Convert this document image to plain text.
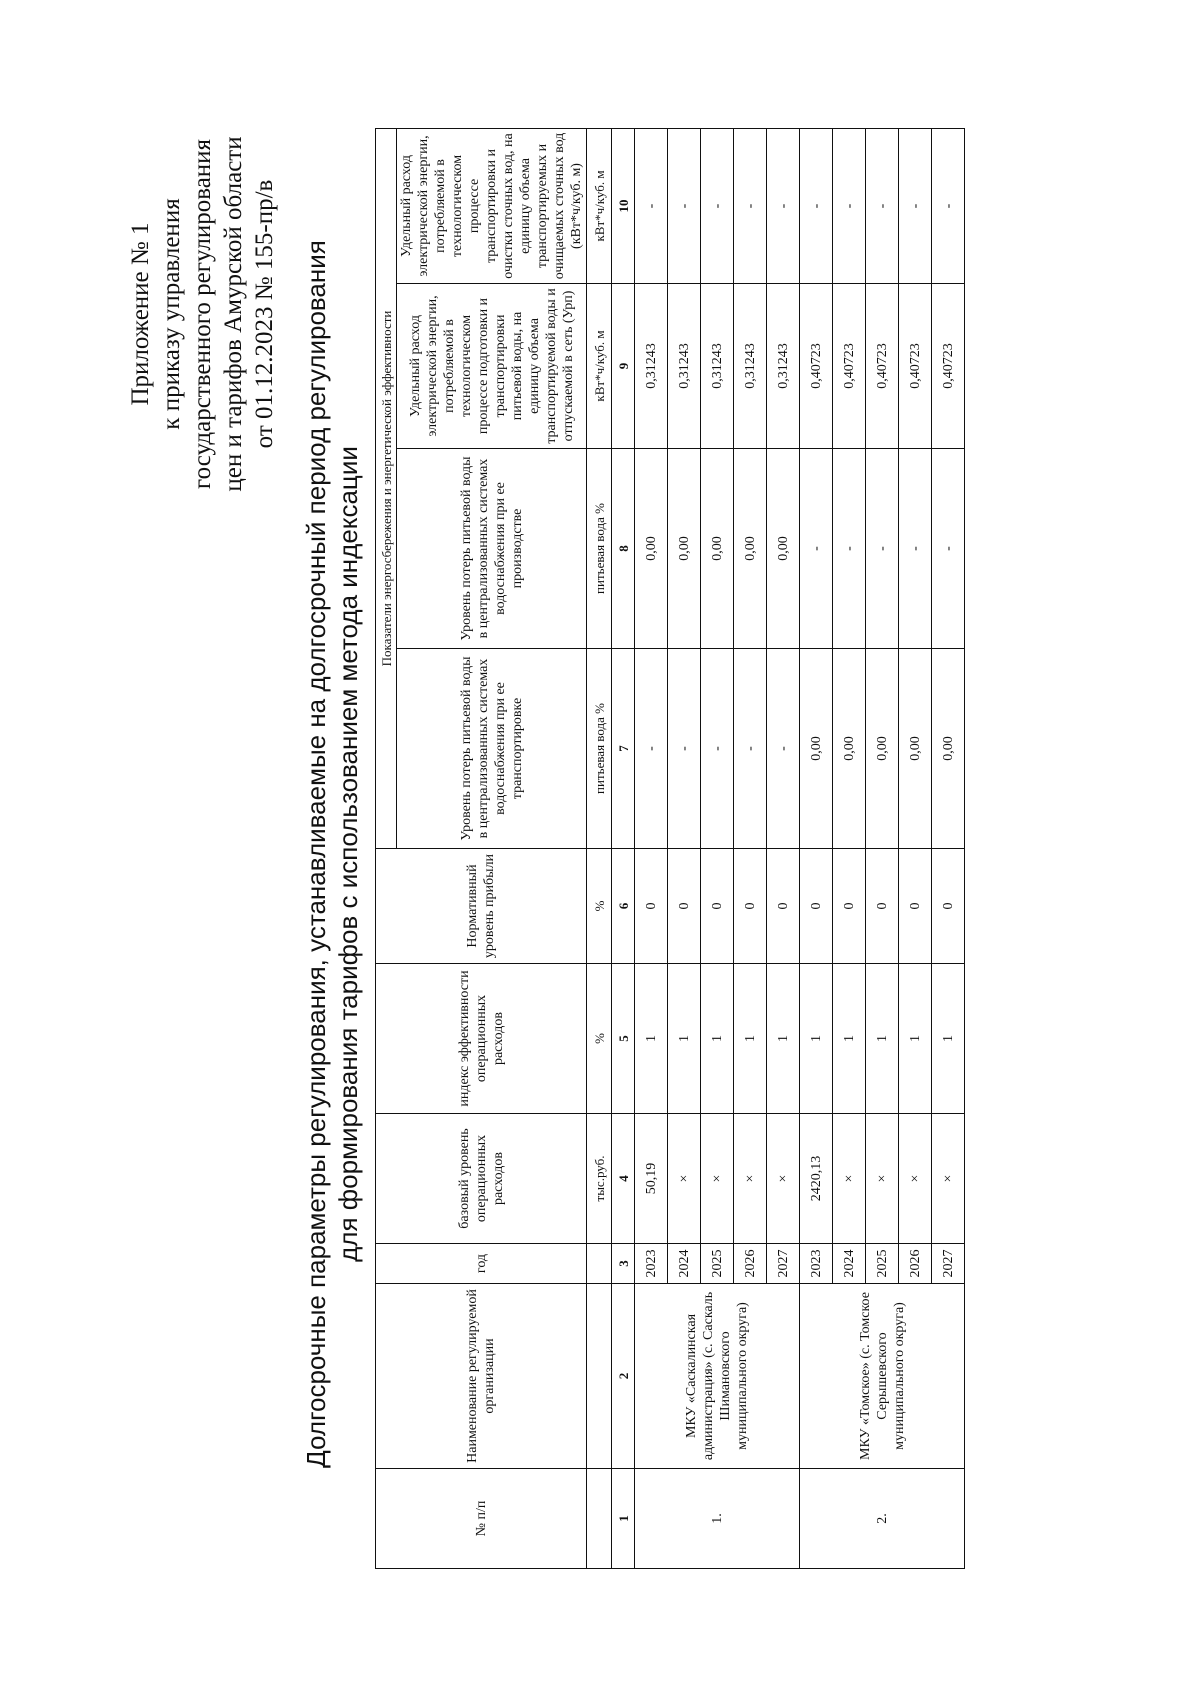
Приложение № 1 к приказу управления государственного регулирования цен и тарифов Амурской области от 01.12.2023 № 155-пр/в Долгосрочные параметры регулирования, устанавливаемые на долгосрочный период регулирования для формирования тарифов с использованием метода индексации
№ п/п	Наименование регулируемой организации	год	базовый уровень операционных расходов	индекс эффективности операционных расходов	Нормативный уровень прибыли	Показатели энергосбережения и энергетической эффективности			
						Уровень потерь питьевой воды в централизованных системах водоснабжения при ее транспортировке	Уровень потерь питьевой воды в централизованных системах водоснабжения при ее производстве	Удельный расход электрической энергии, потребляемой в технологическом процессе подготовки и транспортировки питьевой воды, на единицу объема транспортируемой воды и отпускаемой в сеть (Урп)	Удельный расход электрической энергии, потребляемой в технологическом процессе транспортировки и очистки сточных вод, на единицу объема транспортируемых и очищаемых сточных вод (кВт*ч/куб. м)
			тыс.руб.	%	%	питьевая вода %	питьевая вода %	кВт*ч/куб. м	кВт*ч/куб. м
1	2	3	4	5	6	7	8	9	10
1.	МКУ «Саскалинская администрация» (с. Саскаль Шимановского муниципального округа)	2023	50,19	1	0	-	0,00	0,31243	-
		2024	×	1	0	-	0,00	0,31243	-
		2025	×	1	0	-	0,00	0,31243	-
		2026	×	1	0	-	0,00	0,31243	-
		2027	×	1	0	-	0,00	0,31243	-
2.	МКУ «Томское» (с. Томское Серышевского муниципального округа)	2023	2420,13	1	0	0,00	-	0,40723	-
		2024	×	1	0	0,00	-	0,40723	-
		2025	×	1	0	0,00	-	0,40723	-
		2026	×	1	0	0,00	-	0,40723	-
		2027	×	1	0	0,00	-	0,40723	-
